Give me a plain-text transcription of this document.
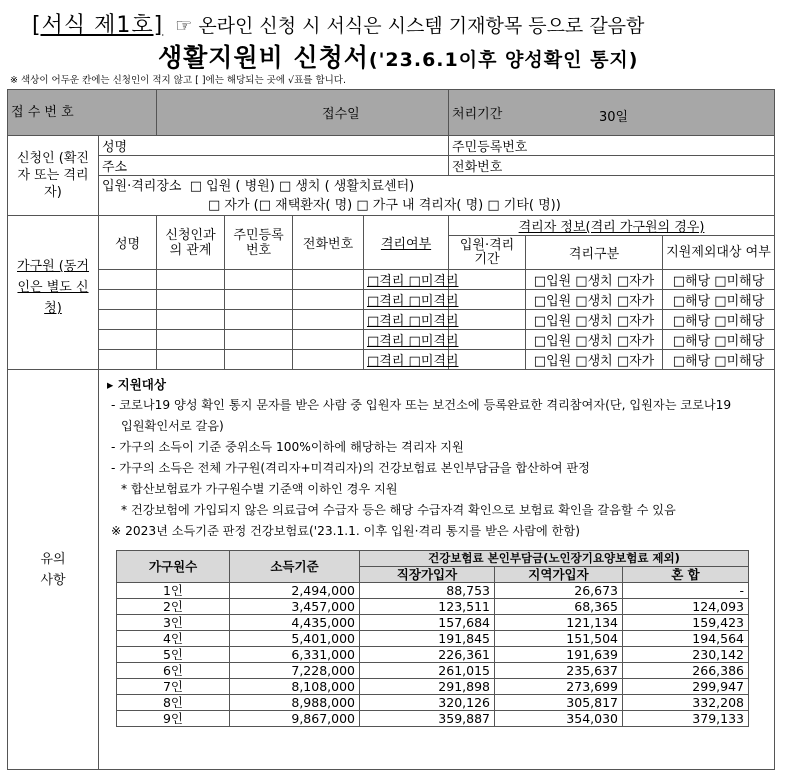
[서식 제1호] ☞ 온라인 신청 시 서식은 시스템 기재항목 등으로 갈음함
생활지원비 신청서('23.6.1이후 양성확인 통지)
※ 색상이 어두운 칸에는 신청인이 적지 않고 [ ]에는 해당되는 곳에 √표를 합니다.
접 수 번 호	접수일	처리기간	30일

신청인 (확진자 또는 격리자)	성명	주민등록번호
주소	전화번호

입원·격리장소 □ 입원 ( 병원) □ 생치 ( 생활치료센터)
□ 자가 (□ 재택환자( 명) □ 가구 내 격리자( 명) □ 기타( 명))

가구원 (동거인은 별도 신청)	성명	신청인과의 관계	주민등록 번호	전화번호	격리여부	격리자 정보(격리 가구원의 경우)
입원·격리 기간	격리구분	지원제외대상 여부
				□격리 □미격리		□입원 □생치 □자가	□해당 □미해당
				□격리 □미격리		□입원 □생치 □자가	□해당 □미해당
				□격리 □미격리		□입원 □생치 □자가	□해당 □미해당
				□격리 □미격리		□입원 □생치 □자가	□해당 □미해당
				□격리 □미격리		□입원 □생치 □자가	□해당 □미해당
유의 사항	

▸ 지원대상

- 코로나19 양성 확인 통지 문자를 받은 사람 중 입원자 또는 보건소에 등록완료한 격리참여자(단, 입원자는 코로나19

입원확인서로 갈음)

- 가구의 소득이 기준 중위소득 100%이하에 해당하는 격리자 지원

- 가구의 소득은 전체 가구원(격리자+미격리자)의 건강보험료 본인부담금을 합산하여 판정

* 합산보험료가 가구원수별 기준액 이하인 경우 지원

* 건강보험에 가입되지 않은 의료급여 수급자 등은 해당 수급자격 확인으로 보험료 확인을 갈음할 수 있음

※ 2023년 소득기준 판정 건강보험료('23.1.1. 이후 입원·격리 통지를 받은 사람에 한함)

가구원수	소득기준	건강보험료 본인부담금(노인장기요양보험료 제외)
직장가입자	지역가입자	혼 합
1인	2,494,000	88,753	26,673	-
2인	3,457,000	123,511	68,365	124,093
3인	4,435,000	157,684	121,134	159,423
4인	5,401,000	191,845	151,504	194,564
5인	6,331,000	226,361	191,639	230,142
6인	7,228,000	261,015	235,637	266,386
7인	8,108,000	291,898	273,699	299,947
8인	8,988,000	320,126	305,817	332,208
9인	9,867,000	359,887	354,030	379,133
